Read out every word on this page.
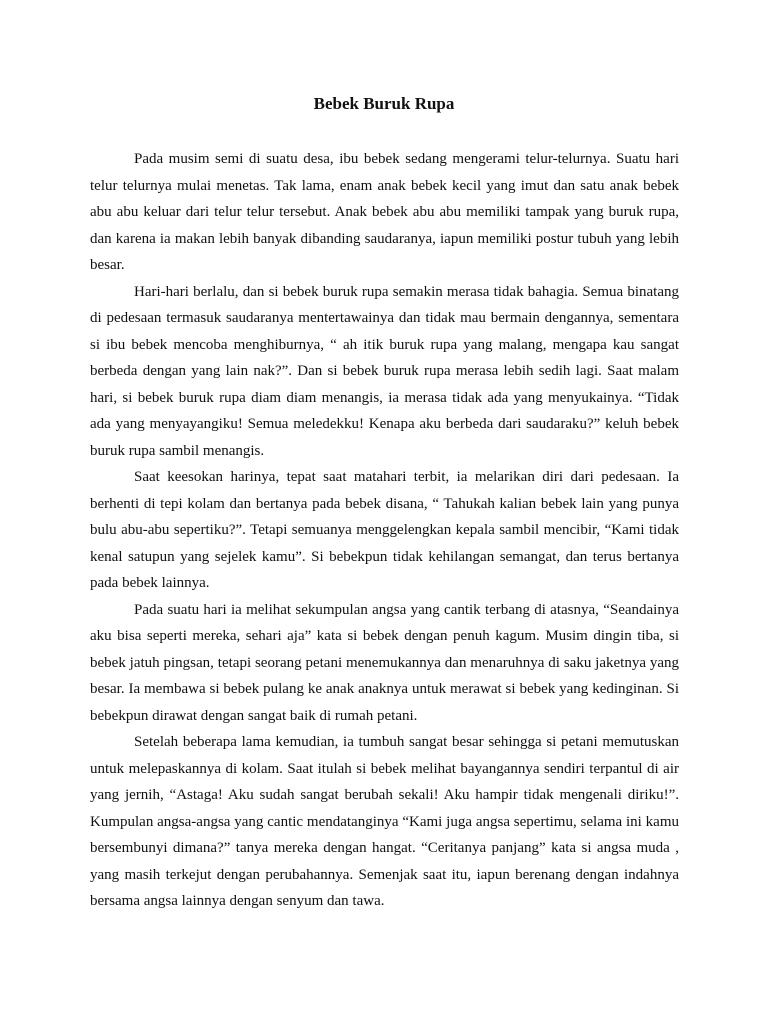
Bebek Buruk Rupa

Pada musim semi di suatu desa, ibu bebek sedang mengerami telur-telurnya. Suatu hari telur telurnya mulai menetas. Tak lama, enam anak bebek kecil yang imut dan satu anak bebek abu abu keluar dari telur telur tersebut. Anak bebek abu abu memiliki tampak yang buruk rupa, dan karena ia makan lebih banyak dibanding saudaranya, iapun memiliki postur tubuh yang lebih besar.

Hari-hari berlalu, dan si bebek buruk rupa semakin merasa tidak bahagia. Semua binatang di pedesaan termasuk saudaranya mentertawainya dan tidak mau bermain dengannya, sementara si ibu bebek mencoba menghiburnya, “ ah itik buruk rupa yang malang, mengapa kau sangat berbeda dengan yang lain nak?”. Dan si bebek buruk rupa merasa lebih sedih lagi. Saat malam hari, si bebek buruk rupa diam diam menangis, ia merasa tidak ada yang menyukainya. “Tidak ada yang menyayangiku! Semua meledekku! Kenapa aku berbeda dari saudaraku?” keluh bebek buruk rupa sambil menangis.

Saat keesokan harinya, tepat saat matahari terbit, ia melarikan diri dari pedesaan. Ia berhenti di tepi kolam dan bertanya pada bebek disana, “ Tahukah kalian bebek lain yang punya bulu abu-abu sepertiku?”. Tetapi semuanya menggelengkan kepala sambil mencibir, “Kami tidak kenal satupun yang sejelek kamu”. Si bebekpun tidak kehilangan semangat, dan terus bertanya pada bebek lainnya.

Pada suatu hari ia melihat sekumpulan angsa yang cantik terbang di atasnya, “Seandainya aku bisa seperti mereka, sehari aja” kata si bebek dengan penuh kagum. Musim dingin tiba, si bebek jatuh pingsan, tetapi seorang petani menemukannya dan menaruhnya di saku jaketnya yang besar. Ia membawa si bebek pulang ke anak anaknya untuk merawat si bebek yang kedinginan. Si bebekpun dirawat dengan sangat baik di rumah petani.

Setelah beberapa lama kemudian, ia tumbuh sangat besar sehingga si petani memutuskan untuk melepaskannya di kolam. Saat itulah si bebek melihat bayangannya sendiri terpantul di air yang jernih, “Astaga! Aku sudah sangat berubah sekali! Aku hampir tidak mengenali diriku!”. Kumpulan angsa-angsa yang cantic mendatanginya “Kami juga angsa sepertimu, selama ini kamu bersembunyi dimana?” tanya mereka dengan hangat. “Ceritanya panjang” kata si angsa muda , yang masih terkejut dengan perubahannya. Semenjak saat itu, iapun berenang dengan indahnya bersama angsa lainnya dengan senyum dan tawa.
